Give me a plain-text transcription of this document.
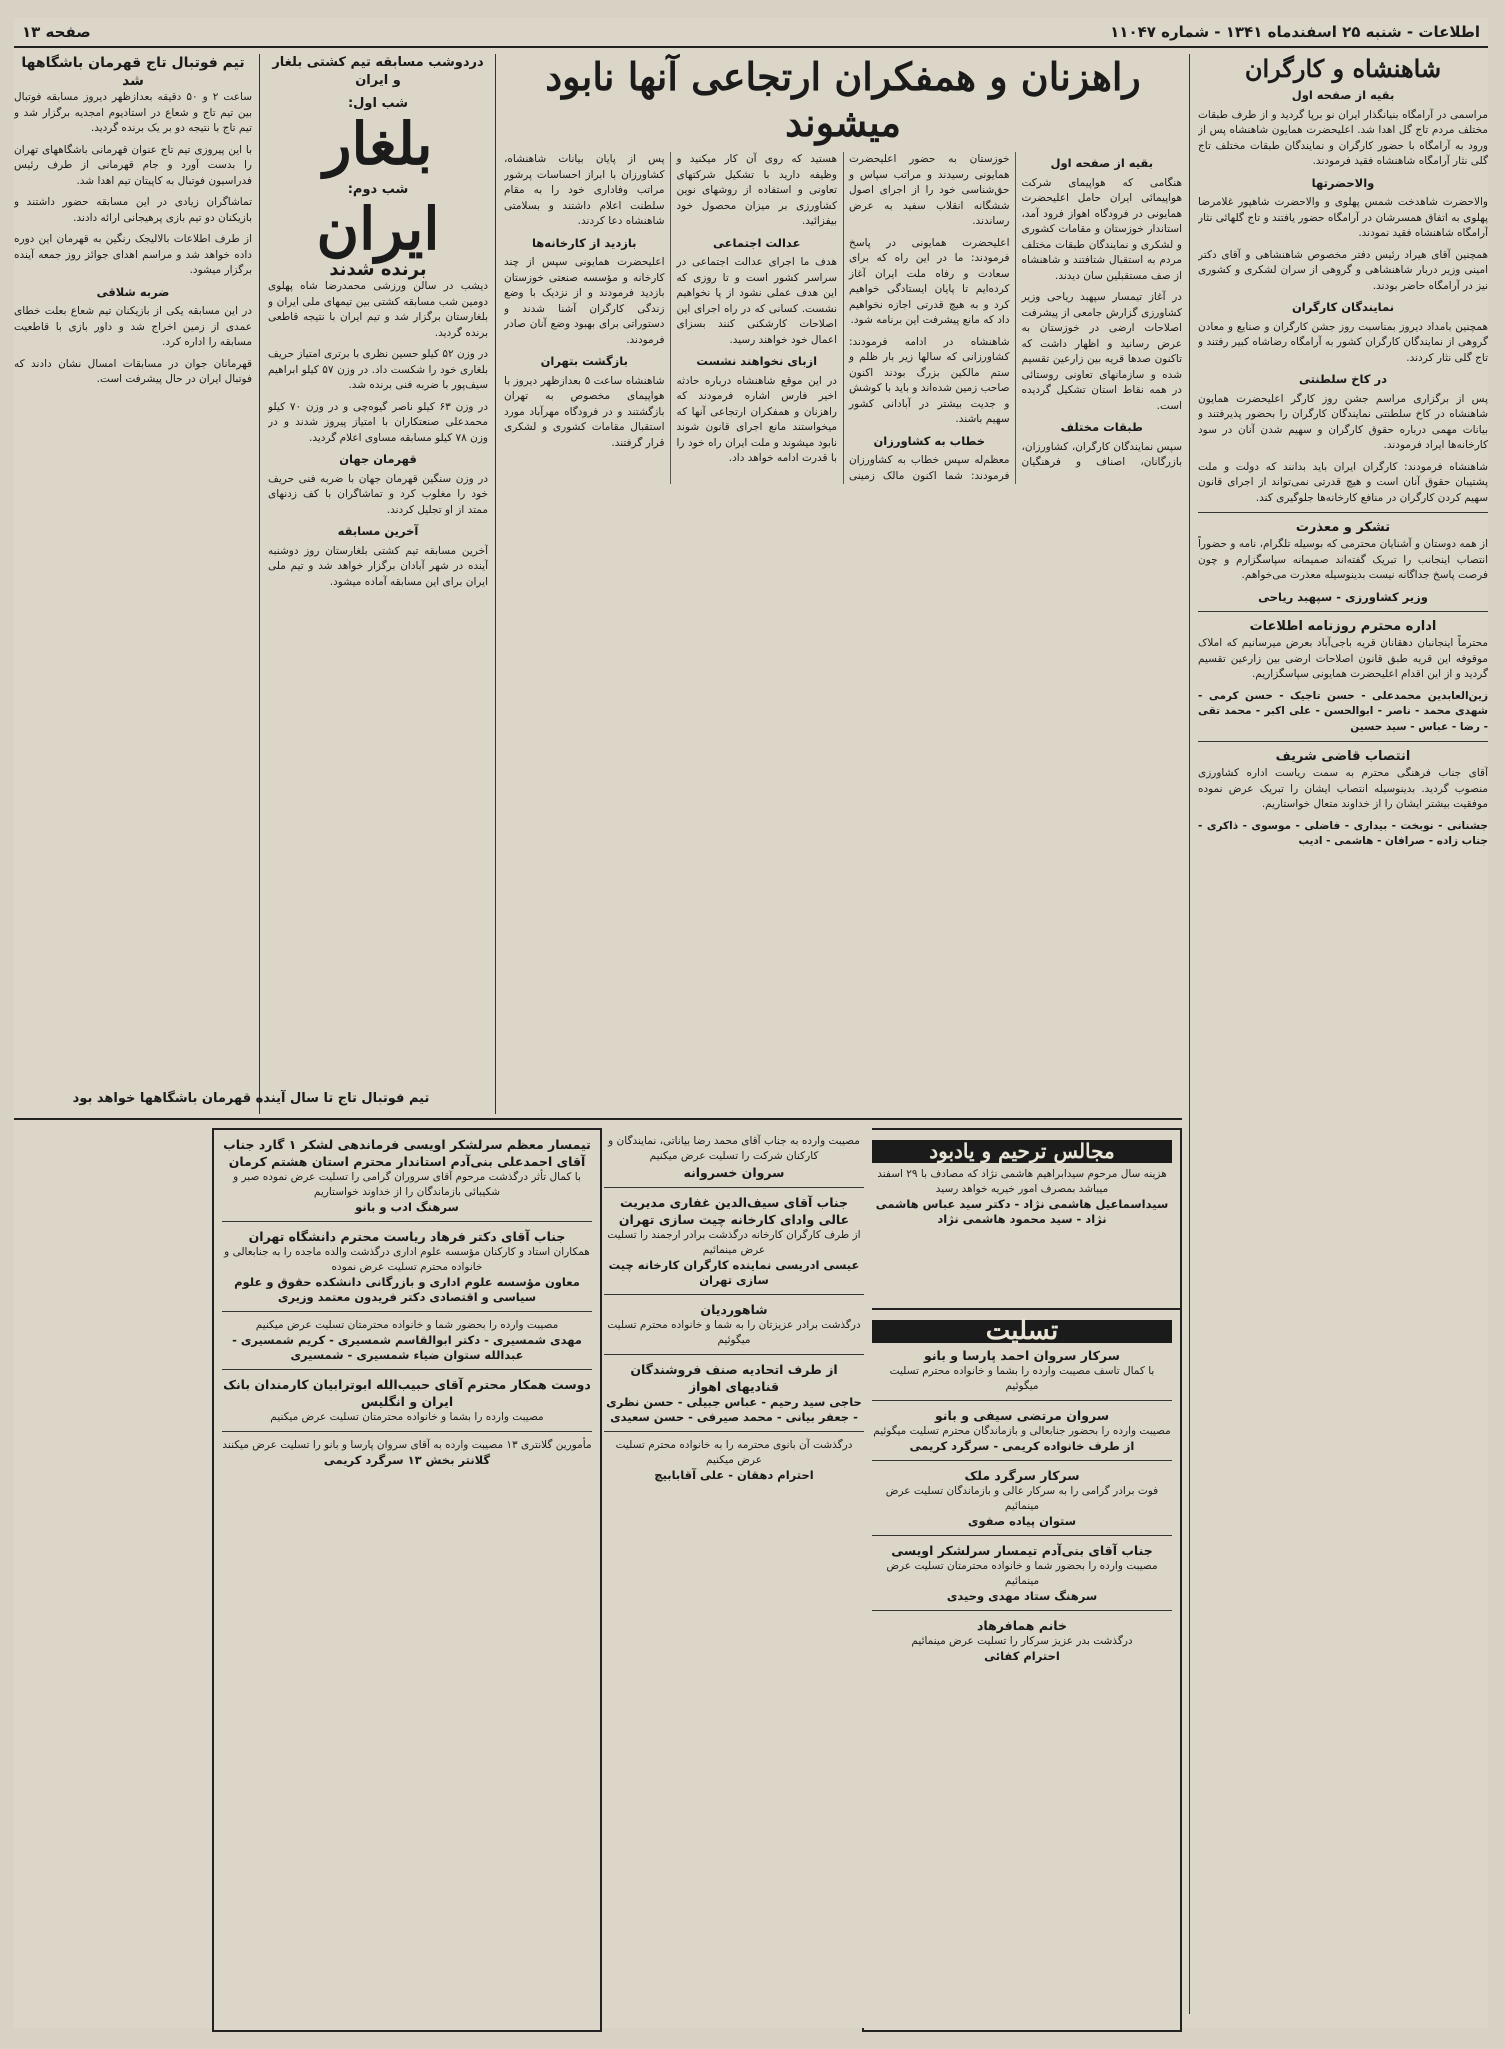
اطلاعات - شنبه ۲۵ اسفندماه ۱۳۴۱ - شماره ۱۱۰۴۷
صفحه ۱۳
شاهنشاه و کارگران
بقیه از صفحه اول

مراسمی در آرامگاه بنیانگذار ایران نو برپا گردید و از طرف طبقات مختلف مردم تاج گل اهدا شد. اعلیحضرت همایون شاهنشاه پس از ورود به آرامگاه با حضور کارگران و نمایندگان طبقات مختلف تاج گلی نثار آرامگاه شاهنشاه فقید فرمودند.

والاحضرتها

والاحضرت شاهدخت شمس پهلوی و والاحضرت شاهپور غلامرضا پهلوی به اتفاق همسرشان در آرامگاه حضور یافتند و تاج گلهائی نثار آرامگاه شاهنشاه فقید نمودند.

همچنین آقای هیراد رئیس دفتر مخصوص شاهنشاهی و آقای دکتر امینی وزیر دربار شاهنشاهی و گروهی از سران لشکری و کشوری نیز در آرامگاه حاضر بودند.

نمایندگان کارگران

همچنین بامداد دیروز بمناسبت روز جشن کارگران و صنایع و معادن گروهی از نمایندگان کارگران کشور به آرامگاه رضاشاه کبیر رفتند و تاج گلی نثار کردند.

در کاخ سلطنتی

پس از برگزاری مراسم جشن روز کارگر اعلیحضرت همایون شاهنشاه در کاخ سلطنتی نمایندگان کارگران را بحضور پذیرفتند و بیانات مهمی درباره حقوق کارگران و سهیم شدن آنان در سود کارخانه‌ها ایراد فرمودند.

شاهنشاه فرمودند: کارگران ایران باید بدانند که دولت و ملت پشتیبان حقوق آنان است و هیچ قدرتی نمی‌تواند از اجرای قانون سهیم کردن کارگران در منافع کارخانه‌ها جلوگیری کند.

تشکر و معذرت

از همه دوستان و آشنایان محترمی که بوسیله تلگرام، نامه و حضوراً انتصاب اینجانب را تبریک گفته‌اند صمیمانه سپاسگزارم و چون فرصت پاسخ جداگانه نیست بدینوسیله معذرت می‌خواهم.

وزیر کشاورزی - سپهبد ریاحی
اداره محترم روزنامه اطلاعات

محترماً اینجانبان دهقانان قریه باجی‌آباد بعرض میرسانیم که املاک موقوفه این قریه طبق قانون اصلاحات ارضی بین زارعین تقسیم گردید و از این اقدام اعلیحضرت همایونی سپاسگزاریم.

زین‌العابدین محمدعلی - حسن تاجیک - حسن کرمی - شهدی محمد - ناصر - ابوالحسن - علی اکبر - محمد تقی - رضا - عباس - سید حسین

انتصاب قاضی شریف

آقای جناب فرهنگی محترم به سمت ریاست اداره کشاورزی منصوب گردید. بدینوسیله انتصاب ایشان را تبریک عرض نموده موفقیت بیشتر ایشان را از خداوند متعال خواستاریم.

جشنانی - نوبخت - بیداری - فاضلی - موسوی - ذاکری - جناب زاده - صرافان - هاشمی - ادیب

راهزنان و همفکران ارتجاعی آنها نابود میشوند
بقیه از صفحه اول

هنگامی که هواپیمای شرکت هواپیمائی ایران حامل اعلیحضرت همایونی در فرودگاه اهواز فرود آمد، استاندار خوزستان و مقامات کشوری و لشکری و نمایندگان طبقات مختلف مردم به استقبال شتافتند و شاهنشاه از صف مستقبلین سان دیدند.

در آغاز تیمسار سپهبد ریاحی وزیر کشاورزی گزارش جامعی از پیشرفت اصلاحات ارضی در خوزستان به عرض رسانید و اظهار داشت که تاکنون صدها قریه بین زارعین تقسیم شده و سازمانهای تعاونی روستائی در همه نقاط استان تشکیل گردیده است.

طبقات مختلف

سپس نمایندگان کارگران، کشاورزان، بازرگانان، اصناف و فرهنگیان خوزستان به حضور اعلیحضرت همایونی رسیدند و مراتب سپاس و حق‌شناسی خود را از اجرای اصول ششگانه انقلاب سفید به عرض رساندند.

اعلیحضرت همایونی در پاسخ فرمودند: ما در این راه که برای سعادت و رفاه ملت ایران آغاز کرده‌ایم تا پایان ایستادگی خواهیم کرد و به هیچ قدرتی اجازه نخواهیم داد که مانع پیشرفت این برنامه شود.

شاهنشاه در ادامه فرمودند: کشاورزانی که سالها زیر بار ظلم و ستم مالکین بزرگ بودند اکنون صاحب زمین شده‌اند و باید با کوشش و جدیت بیشتر در آبادانی کشور سهیم باشند.

خطاب به کشاورزان

معظم‌له سپس خطاب به کشاورزان فرمودند: شما اکنون مالک زمینی هستید که روی آن کار میکنید و وظیفه دارید با تشکیل شرکتهای تعاونی و استفاده از روشهای نوین کشاورزی بر میزان محصول خود بیفزائید.

عدالت اجتماعی

هدف ما اجرای عدالت اجتماعی در سراسر کشور است و تا روزی که این هدف عملی نشود از پا نخواهیم نشست. کسانی که در راه اجرای این اصلاحات کارشکنی کنند بسزای اعمال خود خواهند رسید.

ازبای نخواهند نشست

در این موقع شاهنشاه درباره حادثه اخیر فارس اشاره فرمودند که راهزنان و همفکران ارتجاعی آنها که میخواستند مانع اجرای قانون شوند نابود میشوند و ملت ایران راه خود را با قدرت ادامه خواهد داد.

پس از پایان بیانات شاهنشاه، کشاورزان با ابراز احساسات پرشور مراتب وفاداری خود را به مقام سلطنت اعلام داشتند و بسلامتی شاهنشاه دعا کردند.

بازدید از کارخانه‌ها

اعلیحضرت همایونی سپس از چند کارخانه و مؤسسه صنعتی خوزستان بازدید فرمودند و از نزدیک با وضع زندگی کارگران آشنا شدند و دستوراتی برای بهبود وضع آنان صادر فرمودند.

بازگشت بتهران

شاهنشاه ساعت ۵ بعدازظهر دیروز با هواپیمای مخصوص به تهران بازگشتند و در فرودگاه مهرآباد مورد استقبال مقامات کشوری و لشکری قرار گرفتند.

دردوشب مسابقه تیم کشتی بلغار و ایران
شب اول:
بلغار
شب دوم:
ایران
برنده شدند

دیشب در سالن ورزشی محمدرضا شاه پهلوی دومین شب مسابقه کشتی بین تیمهای ملی ایران و بلغارستان برگزار شد و تیم ایران با نتیجه قاطعی برنده گردید.

در وزن ۵۲ کیلو حسین نظری با برتری امتیاز حریف بلغاری خود را شکست داد. در وزن ۵۷ کیلو ابراهیم سیف‌پور با ضربه فنی برنده شد.

در وزن ۶۳ کیلو ناصر گیوه‌چی و در وزن ۷۰ کیلو محمدعلی صنعتکاران با امتیاز پیروز شدند و در وزن ۷۸ کیلو مسابقه مساوی اعلام گردید.

قهرمان جهان

در وزن سنگین قهرمان جهان با ضربه فنی حریف خود را مغلوب کرد و تماشاگران با کف زدنهای ممتد از او تجلیل کردند.

آخرین مسابقه

آخرین مسابقه تیم کشتی بلغارستان روز دوشنبه آینده در شهر آبادان برگزار خواهد شد و تیم ملی ایران برای این مسابقه آماده میشود.

تیم فوتبال تاج قهرمان باشگاهها شد

ساعت ۲ و ۵۰ دقیقه بعدازظهر دیروز مسابقه فوتبال بین تیم تاج و شعاع در استادیوم امجدیه برگزار شد و تیم تاج با نتیجه دو بر یک برنده گردید.

با این پیروزی تیم تاج عنوان قهرمانی باشگاههای تهران را بدست آورد و جام قهرمانی از طرف رئیس فدراسیون فوتبال به کاپیتان تیم اهدا شد.

تماشاگران زیادی در این مسابقه حضور داشتند و بازیکنان دو تیم بازی پرهیجانی ارائه دادند.

از طرف اطلاعات بالالیجک رنگین به قهرمان این دوره داده خواهد شد و مراسم اهدای جوائز روز جمعه آینده برگزار میشود.

ضربه شلاقی

در این مسابقه یکی از بازیکنان تیم شعاع بعلت خطای عمدی از زمین اخراج شد و داور بازی با قاطعیت مسابقه را اداره کرد.

قهرمانان جوان در مسابقات امسال نشان دادند که فوتبال ایران در حال پیشرفت است.

مجالس ترحیم و یادبود
هزینه سال مرحوم سیدابراهیم هاشمی نژاد که مصادف با ۲۹ اسفند میباشد بمصرف امور خیریه خواهد رسید
سیداسماعیل هاشمی نژاد - دکتر سید عباس هاشمی نژاد - سید محمود هاشمی نژاد
تسلیت
سرکار سروان احمد پارسا و بانو
با کمال تاسف مصیبت وارده را بشما و خانواده محترم تسلیت میگوئیم
سروان مرتضی سیفی و بانو
مصیبت وارده را بحضور جنابعالی و بازماندگان محترم تسلیت میگوئیم
از طرف خانواده کریمی - سرگرد کریمی
سرکار سرگرد ملک
فوت برادر گرامی را به سرکار عالی و بازماندگان تسلیت عرض مینمائیم
ستوان پیاده صفوی
جناب آقای بنی‌آدم تیمسار سرلشکر اویسی
مصیبت وارده را بحضور شما و خانواده محترمتان تسلیت عرض مینمائیم
سرهنگ ستاد مهدی وحیدی
خانم همافرهاد
درگذشت بدر عزیز سرکار را تسلیت عرض مینمائیم
احترام کفائی
مصیبت وارده به جناب آقای محمد رضا بیاناتی، نمایندگان و کارکنان شرکت را تسلیت عرض میکنیم
سروان خسروانه
جناب آقای سیف‌الدین غفاری مدیریت عالی وادای کارخانه چیت سازی تهران
از طرف کارگران کارخانه درگذشت برادر ارجمند را تسلیت عرض مینمائیم
عیسی ادریسی نماینده کارگران کارخانه چیت سازی تهران
شاهوردیان
درگذشت برادر عزیزتان را به شما و خانواده محترم تسلیت میگوئیم
از طرف اتحادیه صنف فروشندگان قنادیهای اهواز
حاجی سید رحیم - عباس جبیلی - حسن نظری - جعفر بیانی - محمد صیرفی - حسن سعیدی
درگذشت آن بانوی محترمه را به خانواده محترم تسلیت عرض میکنیم
احترام دهقان - علی آقابابیچ
تیمسار معظم سرلشکر اویسی فرماندهی لشکر ۱ گارد جناب آقای احمدعلی بنی‌آدم استاندار محترم استان هشتم کرمان
با کمال تأثر درگذشت مرحوم آقای سروران گرامی را تسلیت عرض نموده صبر و شکیبائی بازماندگان را از خداوند خواستاریم
سرهنگ ادب و بانو
جناب آقای دکتر فرهاد ریاست محترم دانشگاه تهران
همکاران استاد و کارکنان مؤسسه علوم اداری درگذشت والده ماجده را به جنابعالی و خانواده محترم تسلیت عرض نموده
معاون مؤسسه علوم اداری و بازرگانی دانشکده حقوق و علوم سیاسی و اقتصادی دکتر فریدون معتمد وزیری
مصیبت وارده را بحضور شما و خانواده محترمتان تسلیت عرض میکنیم
مهدی شمسیری - دکتر ابوالقاسم شمسیری - کریم شمسیری - عبدالله ستوان ضیاء شمسیری - شمسیری
دوست همکار محترم آقای حبیب‌الله ابوترابیان کارمندان بانک ایران و انگلیس
مصیبت وارده را بشما و خانواده محترمتان تسلیت عرض میکنیم
مأمورین گلانتری ۱۳ مصیبت وارده به آقای سروان پارسا و بانو را تسلیت عرض میکنند
گلانتر بخش ۱۳ سرگرد کریمی
تیم فوتبال تاج تا سال آینده قهرمان باشگاهها خواهد بود
